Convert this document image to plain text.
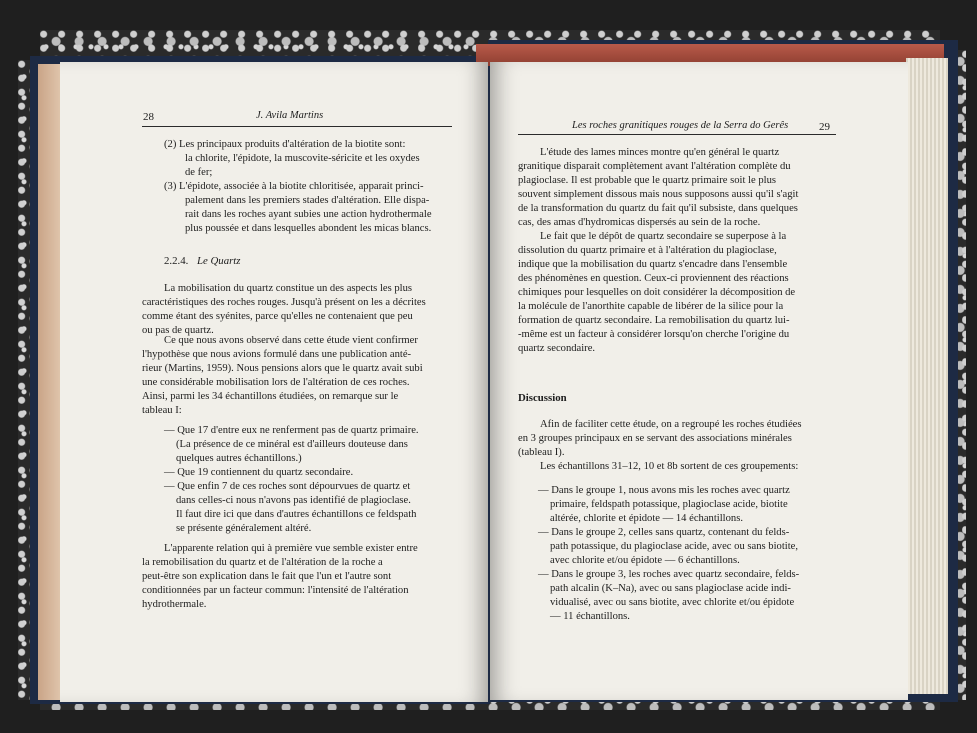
28	J. Avila Martins
(2) Les principaux produits d'altération de la biotite sont:
la chlorite, l'épidote, la muscovite-séricite et les oxydes
de fer;
(3) L'épidote, associée à la biotite chloritisée, apparait princi-
palement dans les premiers stades d'altération. Elle dispa-
rait dans les roches ayant subies une action hydrothermale
plus poussée et dans lesquelles abondent les micas blancs.
2.2.4. Le Quartz
La mobilisation du quartz constitue un des aspects les plus
caractéristiques des roches rouges. Jusqu'à présent on les a décrites
comme étant des syénites, parce qu'elles ne contenaient que peu
ou pas de quartz.
Ce que nous avons observé dans cette étude vient confirmer
l'hypothèse que nous avions formulé dans une publication anté-
rieur (Martins, 1959). Nous pensions alors que le quartz avait subi
une considérable mobilisation lors de l'altération de ces roches.
Ainsi, parmi les 34 échantillons étudiées, on remarque sur le
tableau I:
— Que 17 d'entre eux ne renferment pas de quartz primaire.
(La présence de ce minéral est d'ailleurs douteuse dans
quelques autres échantillons.)
— Que 19 contiennent du quartz secondaire.
— Que enfin 7 de ces roches sont dépourvues de quartz et
dans celles-ci nous n'avons pas identifié de plagioclase.
Il faut dire ici que dans d'autres échantillons ce feldspath
se présente généralement altéré.
L'apparente relation qui à première vue semble exister entre
la remobilisation du quartz et de l'altération de la roche a
peut-être son explication dans le fait que l'un et l'autre sont
conditionnées par un facteur commun: l'intensité de l'altération
hydrothermale.
Les roches granitiques rouges de la Serra do Gerês	29
L'étude des lames minces montre qu'en général le quartz
granitique disparait complètement avant l'altération complète du
plagioclase. Il est probable que le quartz primaire soit le plus
souvent simplement dissous mais nous supposons aussi qu'il s'agit
de la transformation du quartz du fait qu'il subsiste, dans quelques
cas, des amas d'hydromicas dispersés au sein de la roche.
Le fait que le dépôt de quartz secondaire se superpose à la
dissolution du quartz primaire et à l'altération du plagioclase,
indique que la mobilisation du quartz s'encadre dans l'ensemble
des phénomènes en question. Ceux-ci proviennent des réactions
chimiques pour lesquelles on doit considérer la décomposition de
la molécule de l'anorthite capable de libérer de la silice pour la
formation de quartz secondaire. La remobilisation du quartz lui-
-même est un facteur à considérer lorsqu'on cherche l'origine du
quartz secondaire.
Discussion
Afin de faciliter cette étude, on a regroupé les roches étudiées
en 3 groupes principaux en se servant des associations minérales
(tableau I).
Les échantillons 31–12, 10 et 8b sortent de ces groupements:
— Dans le groupe 1, nous avons mis les roches avec quartz
primaire, feldspath potassique, plagioclase acide, biotite
altérée, chlorite et épidote — 14 échantillons.
— Dans le groupe 2, celles sans quartz, contenant du felds-
path potassique, du plagioclase acide, avec ou sans biotite,
avec chlorite et/ou épidote — 6 échantillons.
— Dans le groupe 3, les roches avec quartz secondaire, felds-
path alcalin (K–Na), avec ou sans plagioclase acide indi-
vidualisé, avec ou sans biotite, avec chlorite et/ou épidote
— 11 échantillons.
